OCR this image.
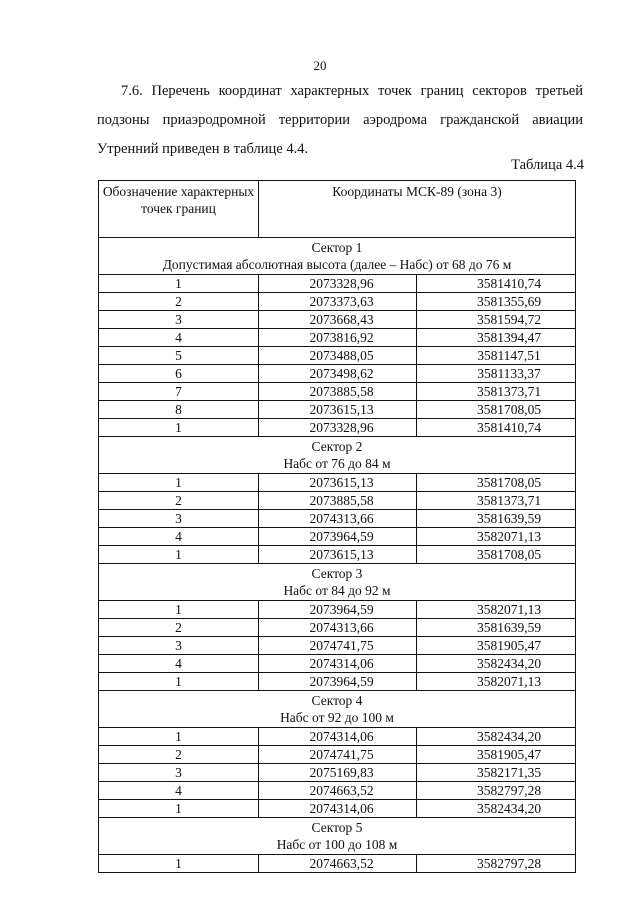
20

7.6. Перечень координат характерных точек границ секторов третьей подзоны приаэродромной территории аэродрома гражданской авиации Утренний приведен в таблице 4.4.

Таблица 4.4

Обозначение характерных точек границ	Координаты МСК-89 (зона 3)	

Сектор 1
Допустимая абсолютная высота (далее – Набс) от 68 до 76 м		

1	2073328,96	3581410,74
2	2073373,63	3581355,69
3	2073668,43	3581594,72
4	2073816,92	3581394,47
5	2073488,05	3581147,51
6	2073498,62	3581133,37
7	2073885,58	3581373,71
8	2073615,13	3581708,05
1	2073328,96	3581410,74

Сектор 2
Набс от 76 до 84 м		

1	2073615,13	3581708,05
2	2073885,58	3581373,71
3	2074313,66	3581639,59
4	2073964,59	3582071,13
1	2073615,13	3581708,05

Сектор 3
Набс от 84 до 92 м		

1	2073964,59	3582071,13
2	2074313,66	3581639,59
3	2074741,75	3581905,47
4	2074314,06	3582434,20
1	2073964,59	3582071,13

Сектор 4
Набс от 92 до 100 м		

1	2074314,06	3582434,20
2	2074741,75	3581905,47
3	2075169,83	3582171,35
4	2074663,52	3582797,28
1	2074314,06	3582434,20

Сектор 5
Набс от 100 до 108 м		

1	2074663,52	3582797,28
